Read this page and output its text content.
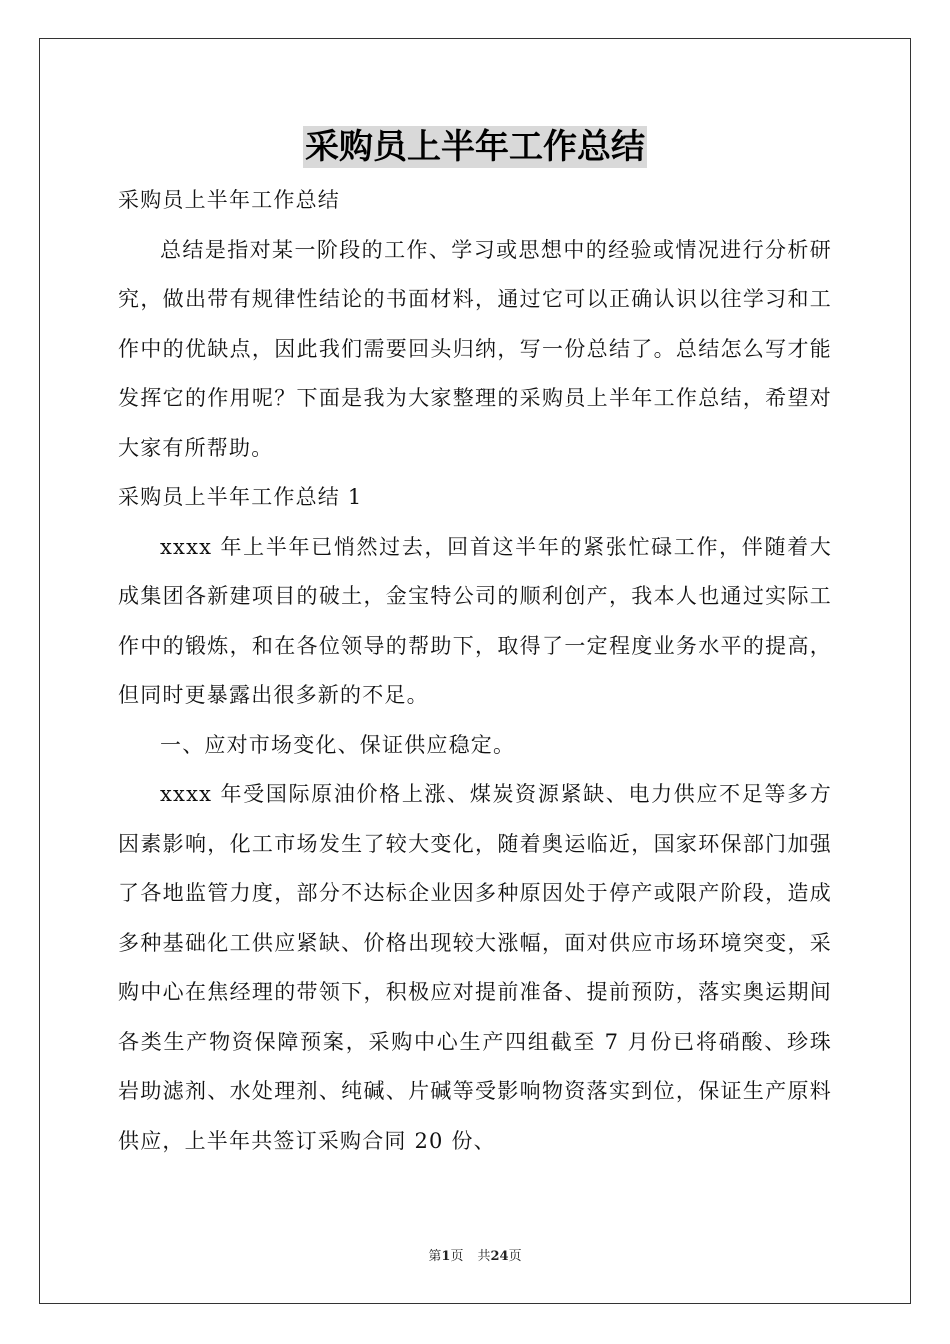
采购员上半年工作总结

采购员上半年工作总结

总结是指对某一阶段的工作、学习或思想中的经验或情况进行分析研究，做出带有规律性结论的书面材料，通过它可以正确认识以往学习和工作中的优缺点，因此我们需要回头归纳，写一份总结了。总结怎么写才能发挥它的作用呢？下面是我为大家整理的采购员上半年工作总结，希望对大家有所帮助。

采购员上半年工作总结 1

xxxx 年上半年已悄然过去，回首这半年的紧张忙碌工作，伴随着大成集团各新建项目的破土，金宝特公司的顺利创产，我本人也通过实际工作中的锻炼，和在各位领导的帮助下，取得了一定程度业务水平的提高，但同时更暴露出很多新的不足。

一、应对市场变化、保证供应稳定。

xxxx 年受国际原油价格上涨、煤炭资源紧缺、电力供应不足等多方因素影响，化工市场发生了较大变化，随着奥运临近，国家环保部门加强了各地监管力度，部分不达标企业因多种原因处于停产或限产阶段，造成多种基础化工供应紧缺、价格出现较大涨幅，面对供应市场环境突变，采购中心在焦经理的带领下，积极应对提前准备、提前预防，落实奥运期间各类生产物资保障预案，采购中心生产四组截至 7 月份已将硝酸、珍珠岩助滤剂、水处理剂、纯碱、片碱等受影响物资落实到位，保证生产原料供应，上半年共签订采购合同 20 份、

第1页 共24页
